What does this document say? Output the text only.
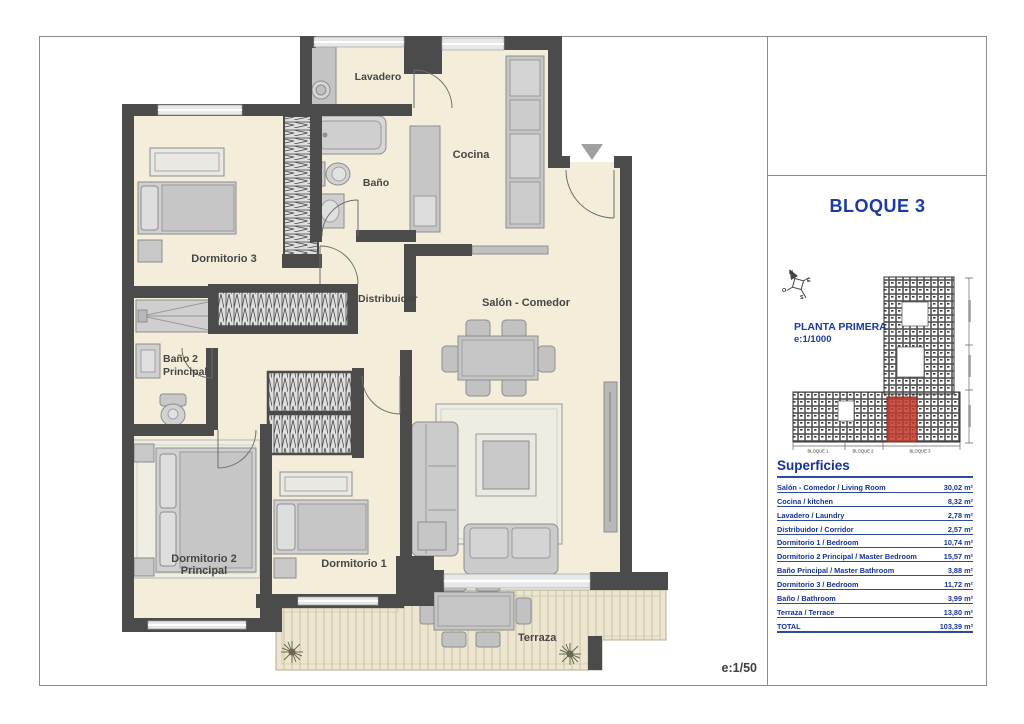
Lavadero
Cocina
Baño
Dormitorio 3
Distribuidor	Salón - Comedor
Baño 2
Principal
Dormitorio 2
Principal
Dormitorio 1
Terraza
BLOQUE 1	BLOQUE 2	BLOQUE 3
N
E
S
O
BLOQUE 3
PLANTA PRIMERA
e:1/1000
Superficies
Salón - Comedor / Living Room	30,02 m²
Cocina / kitchen	8,32 m²
Lavadero / Laundry	2,78 m²
Distribuidor / Corridor	2,57 m²
Dormitorio 1 / Bedroom	10,74 m²
Dormitorio 2 Principal / Master Bedroom	15,57 m²
Baño Principal / Master Bathroom	3,88 m²
Dormitorio 3 / Bedroom	11,72 m²
Baño / Bathroom	3,99 m²
Terraza / Terrace	13,80 m²
TOTAL	103,39 m²
e:1/50
